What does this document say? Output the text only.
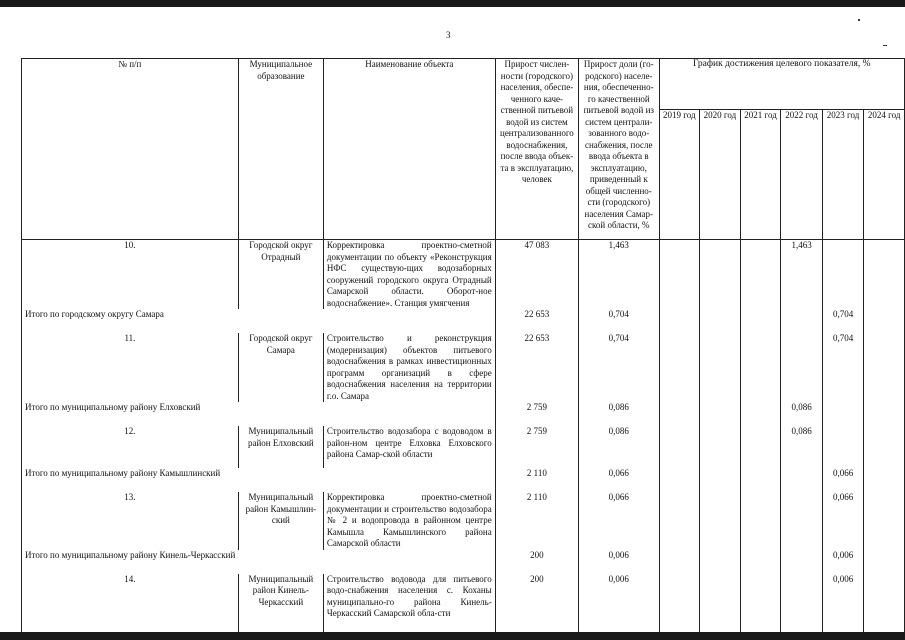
3
№ п/п	Муниципальное образование	Наименование объекта	Прирост числен-ности (городского) населения, обеспе-ченного каче-ственной питьевой водой из систем централизованного водоснабжения, после ввода объек-та в эксплуатацию, человек	Прирост доли (го-родского) населе-ния, обеспеченно-го качественной питьевой водой из систем централи-зованного водо-снабжения, после ввода объекта в эксплуатацию, приведенный к общей численно-сти (городского) населения Самар-ской области, %	График достижения целевого показателя, %					
					2019 год	2020 год	2021 год	2022 год	2023 год	2024 год
10.	Городской округ Отрадный	Корректировка проектно-сметной документации по объекту «Реконструкция НФС существую-щих водозаборных сооружений городского округа Отрадный Самарской области. Оборот-ное водоснабжение». Станция умягчения	47 083	1,463				1,463		
Итого по городскому округу Самара			22 653	0,704					0,704	
11.	Городской округ Самара	Строительство и реконструкция (модернизация) объектов питьевого водоснабжения в рамках инвестиционных программ организаций в сфере водоснабжения населения на территории г.о. Самара	22 653	0,704					0,704	
Итого по муниципальному району Елховский			2 759	0,086				0,086		
12.	Муниципальный район Елховский	Строительство водозабора с водоводом в район-ном центре Елховка Елховского района Самар-ской области	2 759	0,086				0,086		
Итого по муниципальному району Камышлинский			2 110	0,066					0,066	
13.	Муниципальный район Камышлин-ский	Корректировка проектно-сметной документации и строительство водозабора № 2 и водопровода в районном центре Камышла Камышлинского района Самарской области	2 110	0,066					0,066	
Итого по муниципальному району Кинель-Черкасский			200	0,006					0,006	
14.	Муниципальный район Кинель-Черкасский	Строительство водовода для питьевого водо-снабжения населения с. Коханы муниципально-го района Кинель-Черкасский Самарской обла-сти	200	0,006					0,006	
